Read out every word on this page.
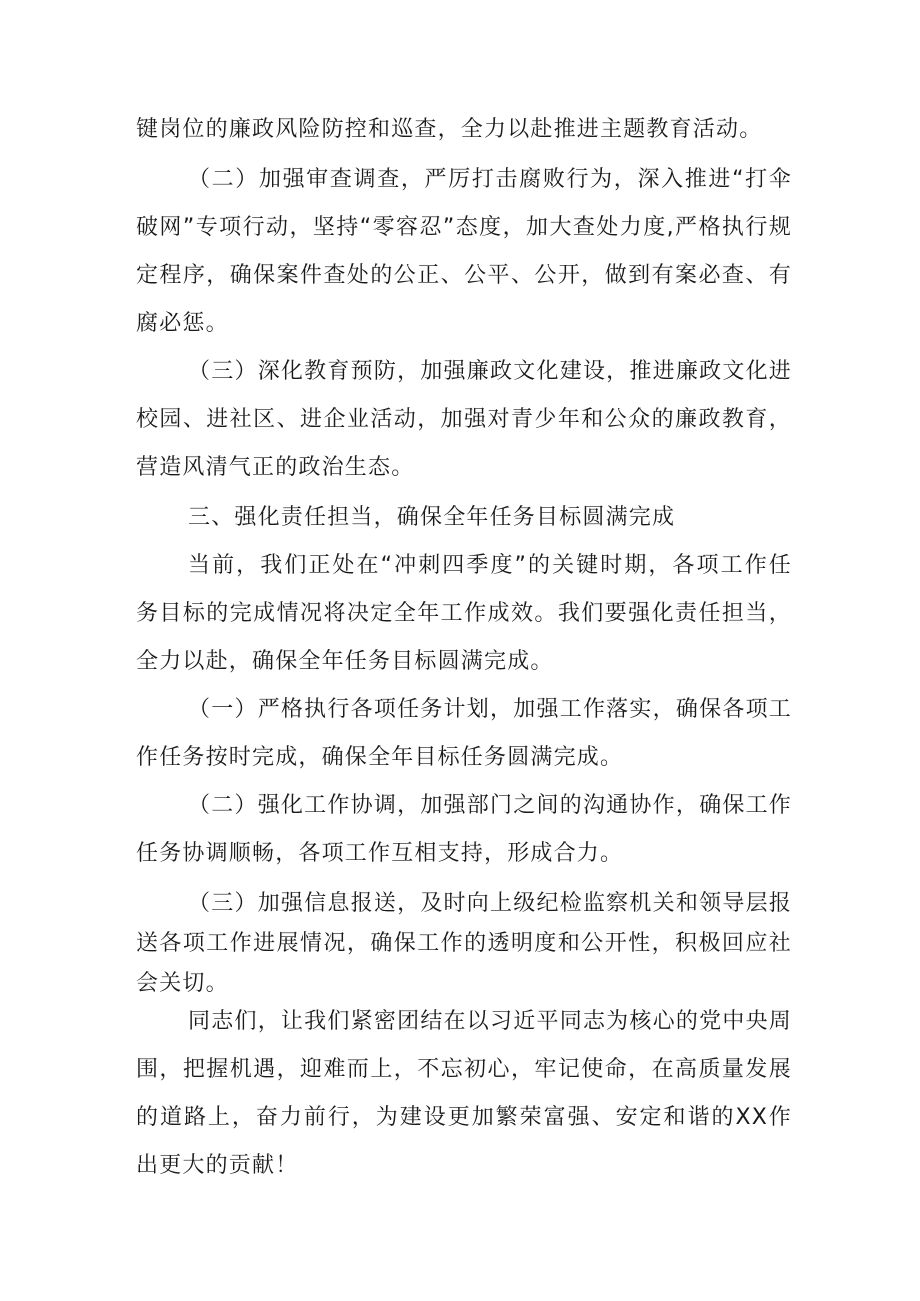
键岗位的廉政风险防控和巡查，全力以赴推进主题教育活动。

（二）加强审查调查，严厉打击腐败行为，深入推进“打伞破网”专项行动，坚持“零容忍”态度，加大查处力度,严格执行规定程序，确保案件查处的公正、公平、公开，做到有案必查、有腐必惩。

（三）深化教育预防，加强廉政文化建设，推进廉政文化进校园、进社区、进企业活动，加强对青少年和公众的廉政教育，营造风清气正的政治生态。

三、强化责任担当，确保全年任务目标圆满完成

当前，我们正处在“冲刺四季度”的关键时期，各项工作任务目标的完成情况将决定全年工作成效。我们要强化责任担当，全力以赴，确保全年任务目标圆满完成。

（一）严格执行各项任务计划，加强工作落实，确保各项工作任务按时完成，确保全年目标任务圆满完成。

（二）强化工作协调，加强部门之间的沟通协作，确保工作任务协调顺畅，各项工作互相支持，形成合力。

（三）加强信息报送，及时向上级纪检监察机关和领导层报送各项工作进展情况，确保工作的透明度和公开性，积极回应社会关切。

同志们，让我们紧密团结在以习近平同志为核心的党中央周围，把握机遇，迎难而上，不忘初心，牢记使命，在高质量发展的道路上，奋力前行，为建设更加繁荣富强、安定和谐的XX作出更大的贡献！
